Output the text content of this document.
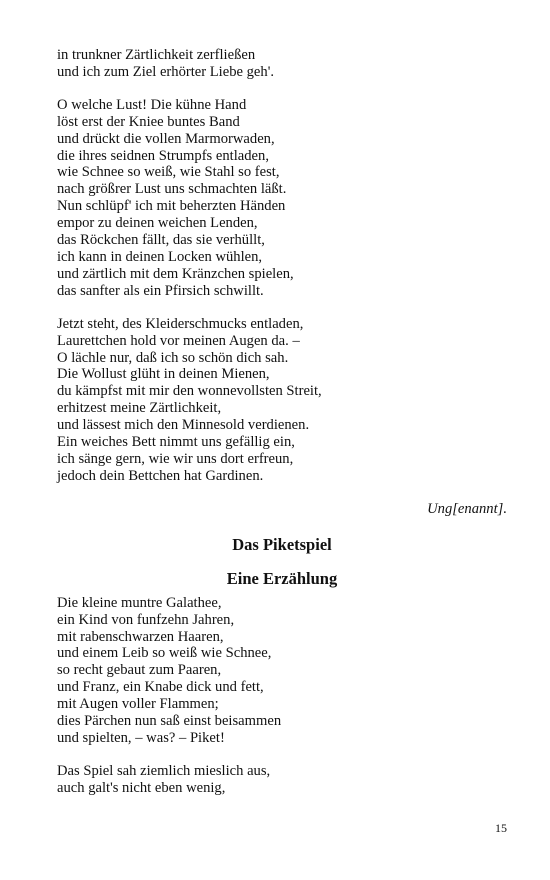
in trunkner Zärtlichkeit zerfließen
und ich zum Ziel erhörter Liebe geh'.
O welche Lust! Die kühne Hand
löst erst der Kniee buntes Band
und drückt die vollen Marmorwaden,
die ihres seidnen Strumpfs entladen,
wie Schnee so weiß, wie Stahl so fest,
nach größrer Lust uns schmachten läßt.
Nun schlüpf' ich mit beherzten Händen
empor zu deinen weichen Lenden,
das Röckchen fällt, das sie verhüllt,
ich kann in deinen Locken wühlen,
und zärtlich mit dem Kränzchen spielen,
das sanfter als ein Pfirsich schwillt.
Jetzt steht, des Kleiderschmucks entladen,
Laurettchen hold vor meinen Augen da. –
O lächle nur, daß ich so schön dich sah.
Die Wollust glüht in deinen Mienen,
du kämpfst mit mir den wonnevollsten Streit,
erhitzest meine Zärtlichkeit,
und lässest mich den Minnesold verdienen.
Ein weiches Bett nimmt uns gefällig ein,
ich sänge gern, wie wir uns dort erfreun,
jedoch dein Bettchen hat Gardinen.
Ung[enannt].
Das Piketspiel
Eine Erzählung
Die kleine muntre Galathee,
ein Kind von funfzehn Jahren,
mit rabenschwarzen Haaren,
und einem Leib so weiß wie Schnee,
so recht gebaut zum Paaren,
und Franz, ein Knabe dick und fett,
mit Augen voller Flammen;
dies Pärchen nun saß einst beisammen
und spielten, – was? – Piket!
Das Spiel sah ziemlich mieslich aus,
auch galt's nicht eben wenig,
15
